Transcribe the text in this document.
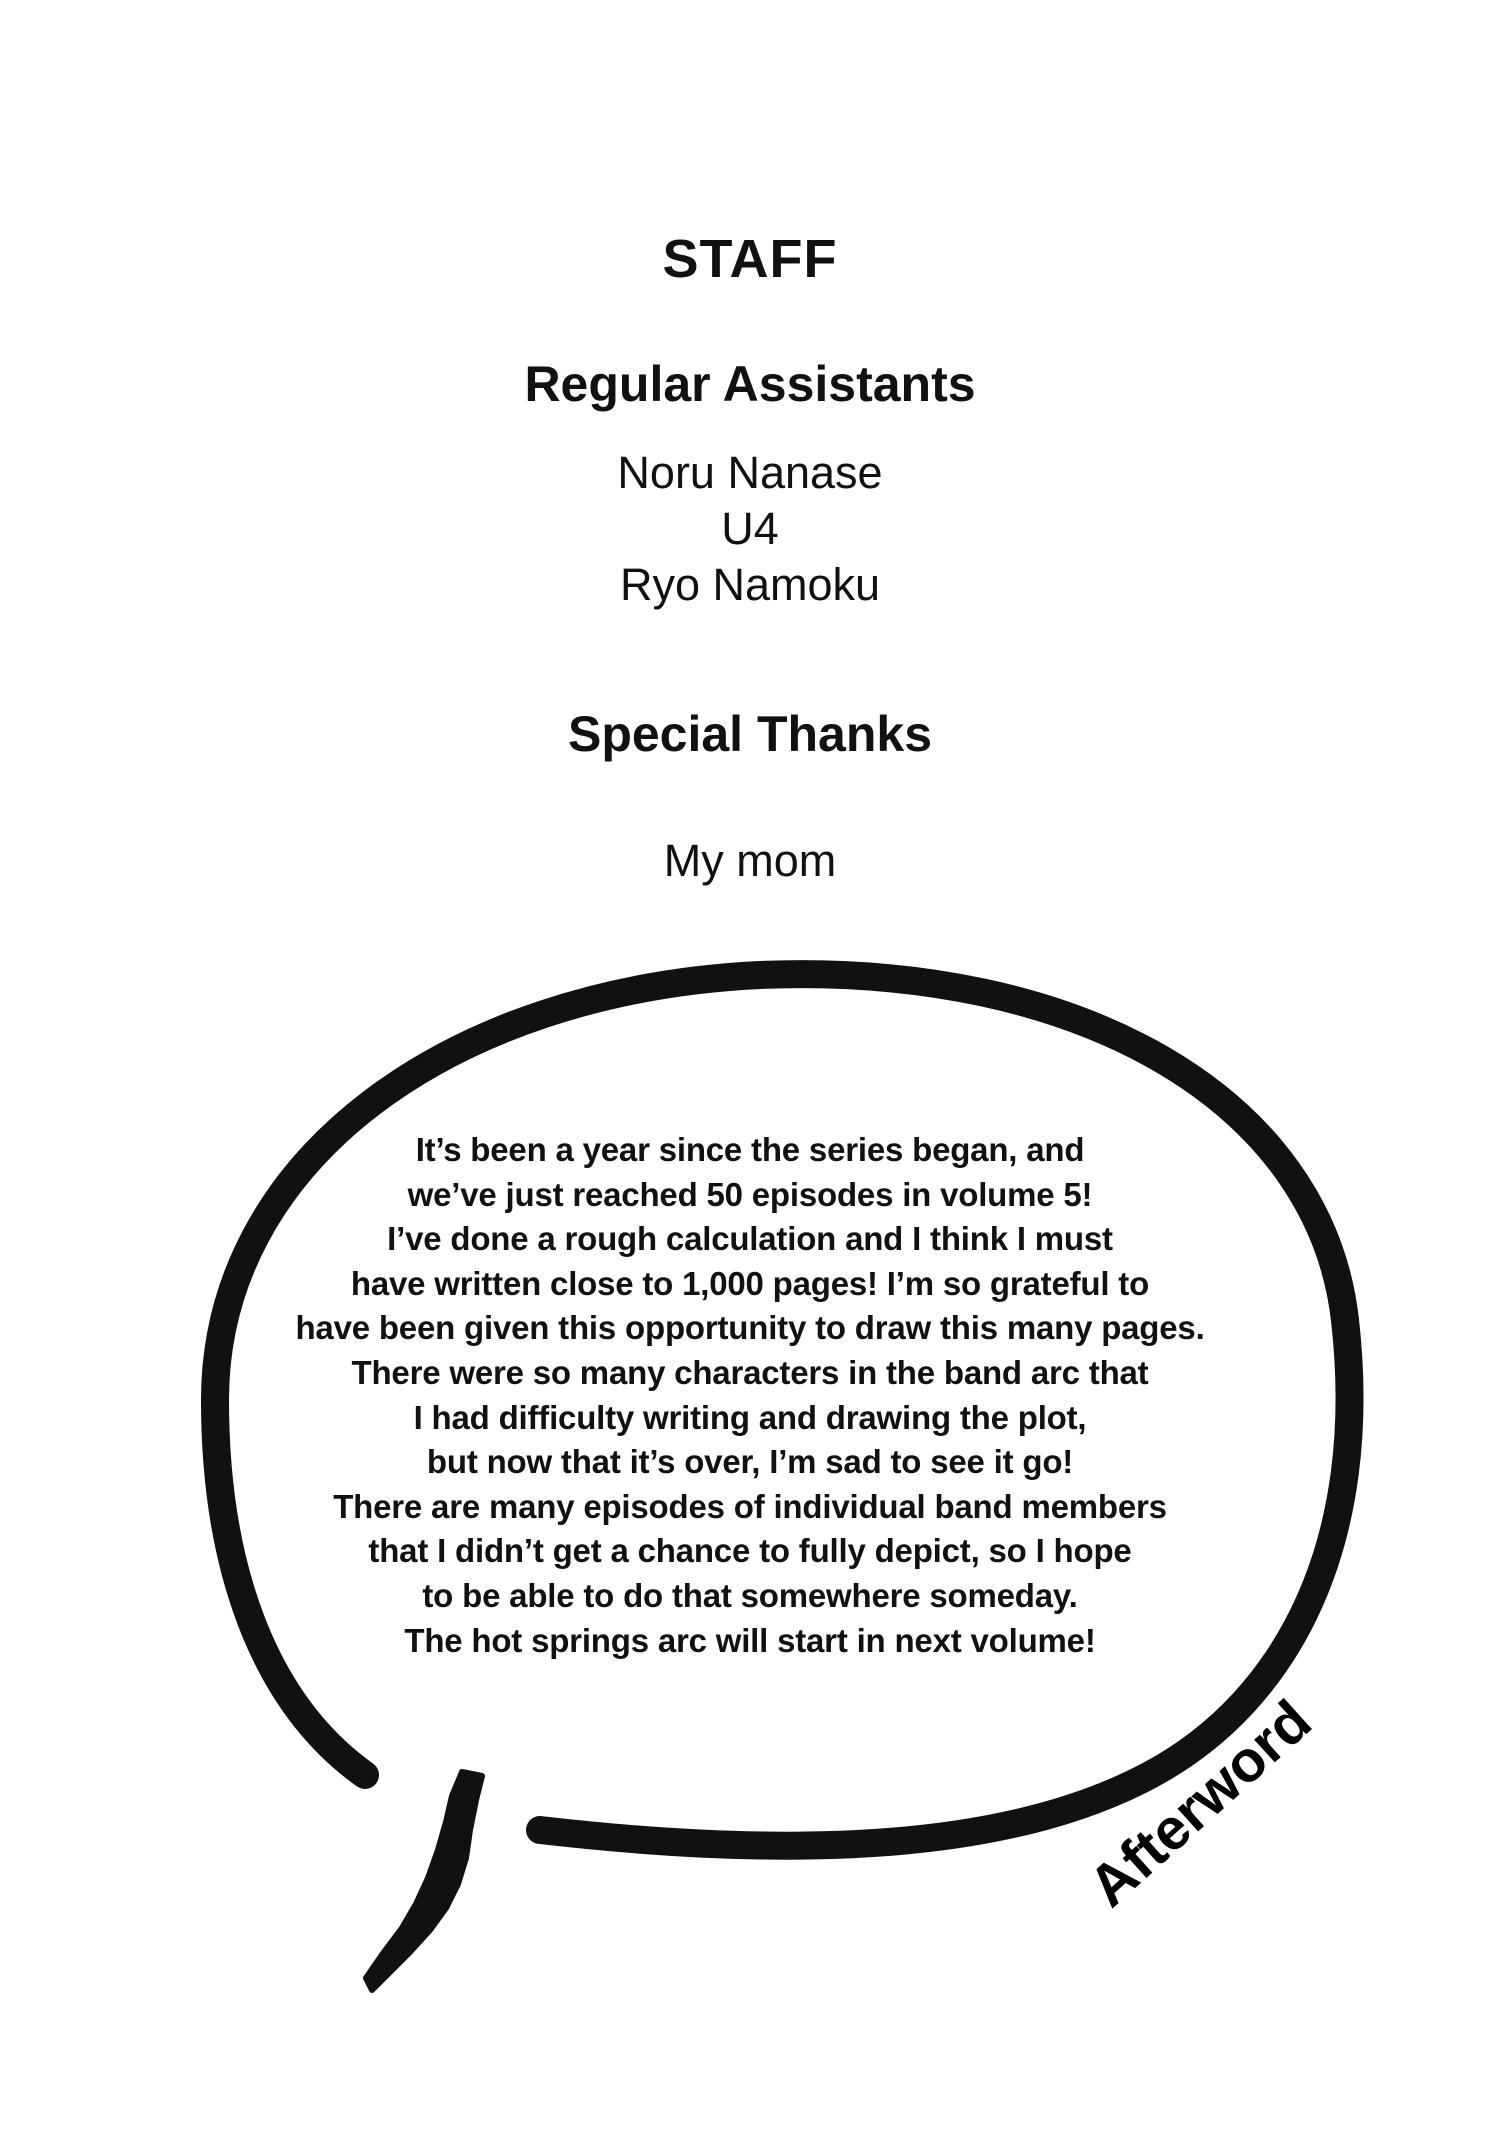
STAFF
Regular Assistants
Noru Nanase
U4
Ryo Namoku
Special Thanks
My mom
It’s been a year since the series began, and
we’ve just reached 50 episodes in volume 5!
I’ve done a rough calculation and I think I must
have written close to 1,000 pages! I’m so grateful to
have been given this opportunity to draw this many pages.
There were so many characters in the band arc that
I had difficulty writing and drawing the plot,
but now that it’s over, I’m sad to see it go!
There are many episodes of individual band members
that I didn’t get a chance to fully depict, so I hope
to be able to do that somewhere someday.
The hot springs arc will start in next volume!
Afterword
